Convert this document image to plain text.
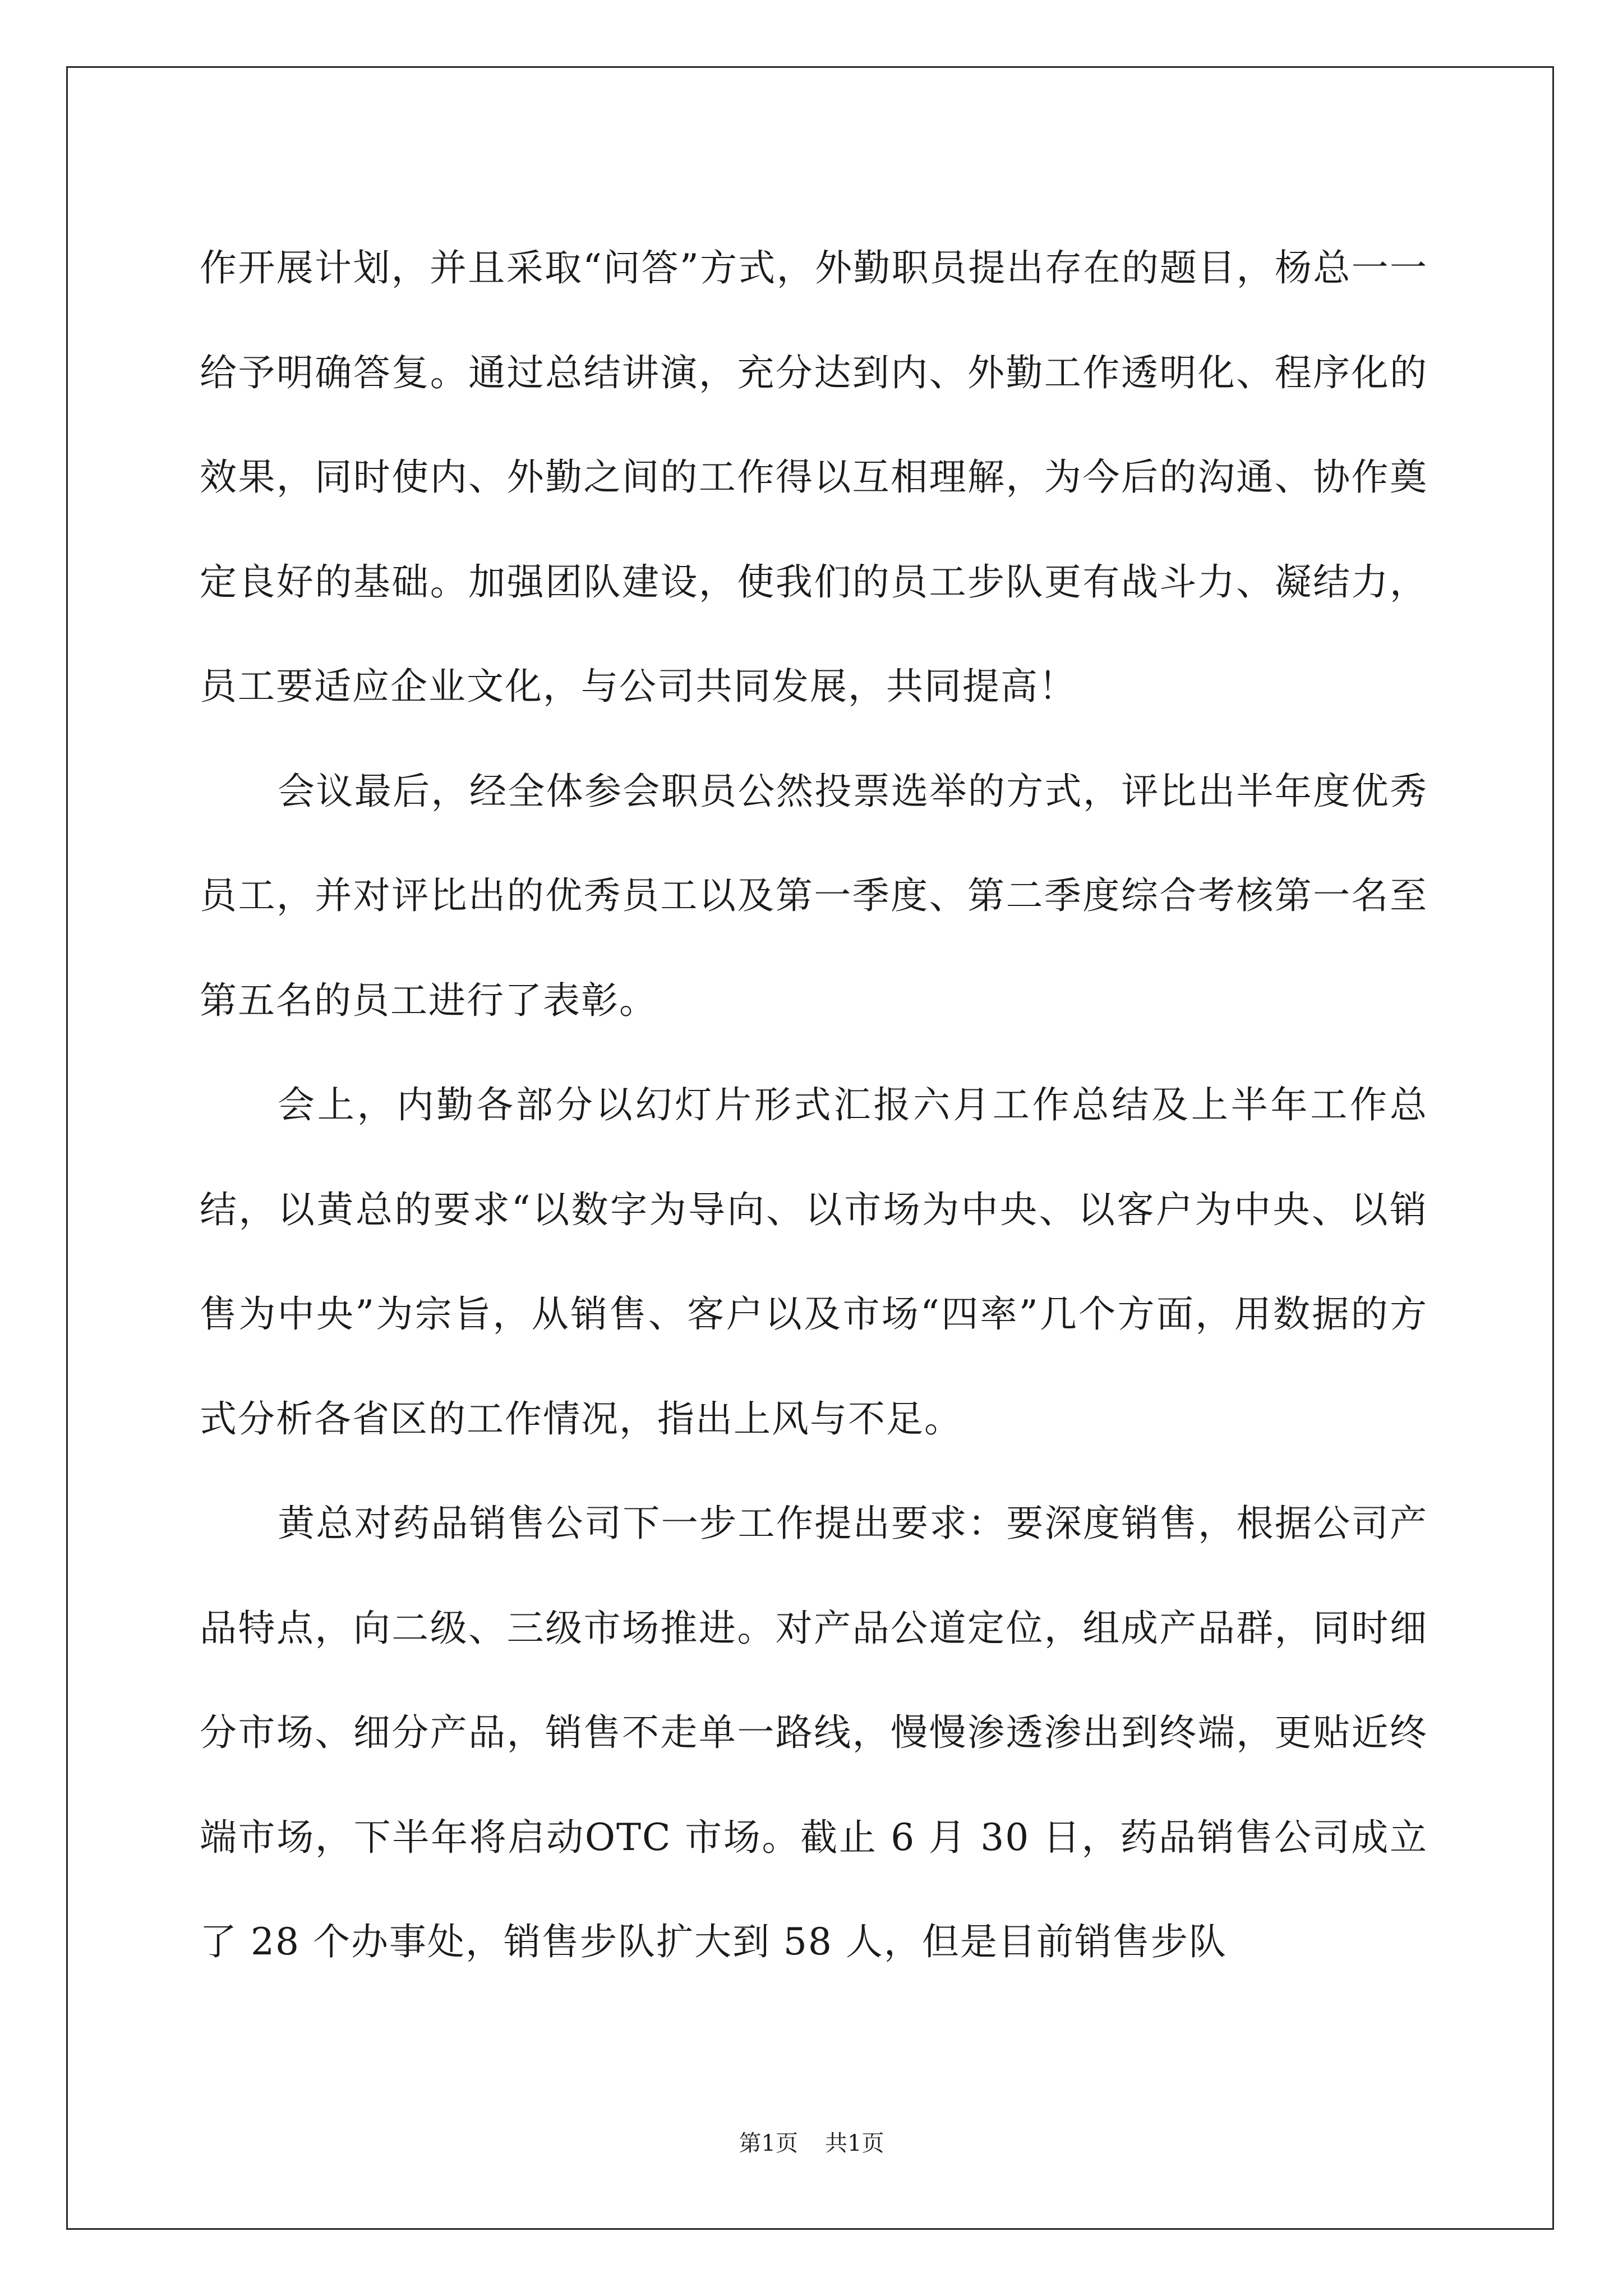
作开展计划，并且采取“问答”方式，外勤职员提出存在的题目，杨总一一给予明确答复。通过总结讲演，充分达到内、外勤工作透明化、程序化的效果，同时使内、外勤之间的工作得以互相理解，为今后的沟通、协作奠定良好的基础。加强团队建设，使我们的员工步队更有战斗力、凝结力，员工要适应企业文化，与公司共同发展，共同提高！

会议最后，经全体参会职员公然投票选举的方式，评比出半年度优秀员工，并对评比出的优秀员工以及第一季度、第二季度综合考核第一名至第五名的员工进行了表彰。

会上，内勤各部分以幻灯片形式汇报六月工作总结及上半年工作总结，以黄总的要求“以数字为导向、以市场为中央、以客户为中央、以销售为中央”为宗旨，从销售、客户以及市场“四率”几个方面，用数据的方式分析各省区的工作情况，指出上风与不足。

黄总对药品销售公司下一步工作提出要求：要深度销售，根据公司产品特点，向二级、三级市场推进。对产品公道定位，组成产品群，同时细分市场、细分产品，销售不走单一路线，慢慢渗透渗出到终端，更贴近终端市场，下半年将启动OTC 市场。截止 6 月 30 日，药品销售公司成立了 28 个办事处，销售步队扩大到 58 人，但是目前销售步队

第1页 共1页
